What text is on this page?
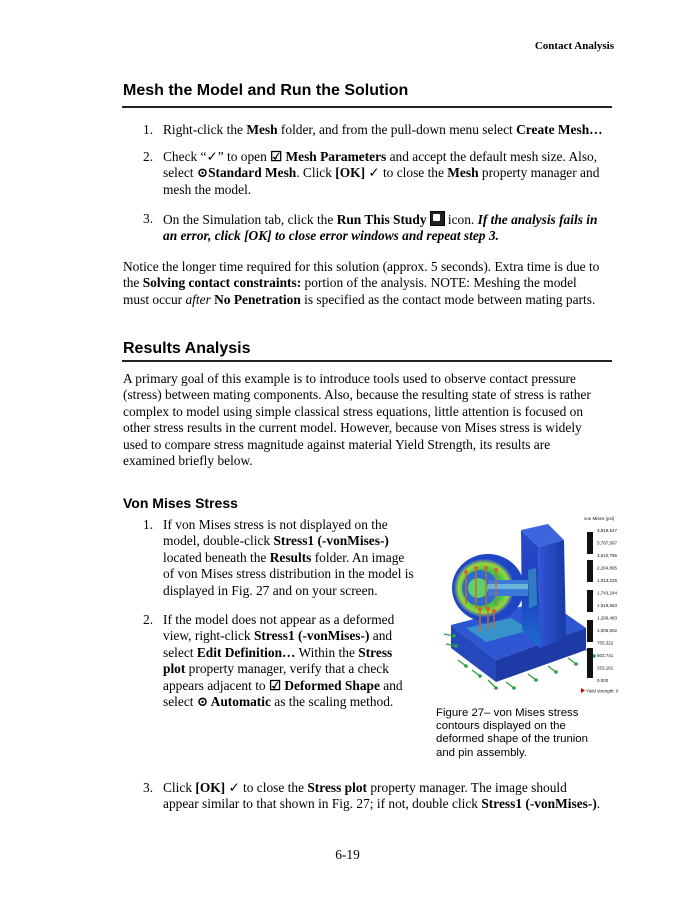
Contact Analysis
Mesh the Model and Run the Solution
1. Right-click the Mesh folder, and from the pull-down menu select Create Mesh…
2. Check “✓” to open ☑ Mesh Parameters and accept the default mesh size. Also,
select ⊙Standard Mesh. Click [OK] ✓ to close the Mesh property manager and
mesh the model.
3. On the Simulation tab, click the Run This Study
icon. If the analysis fails in
an error, click [OK] to close error windows and repeat step 3.
Notice the longer time required for this solution (approx. 5 seconds). Extra time is due to
the Solving contact constraints: portion of the analysis. NOTE: Meshing the model
must occur after No Penetration is specified as the contact mode between mating parts.
Results Analysis
A primary goal of this example is to introduce tools used to observe contact pressure
(stress) between mating components. Also, because the resulting state of stress is rather
complex to model using simple classical stress equations, little attention is focused on
other stress results in the current model. However, because von Mises stress is widely
used to compare stress magnitude against material Yield Strength, its results are
examined briefly below.
Von Mises Stress
1. If von Mises stress is not displayed on the
model, double-click Stress1 (-vonMises-)
located beneath the Results folder. An image
of von Mises stress distribution in the model is
displayed in Fig. 27 and on your screen.
2. If the model does not appear as a deformed
view, right-click Stress1 (-vonMises-) and
select Edit Definition… Within the Stress
plot property manager, verify that a check
appears adjacent to ☑ Deformed Shape and
select ⊙ Automatic as the scaling method.
3. Click [OK] ✓ to close the Stress plot property manager. The image should
appear similar to that shown in Fig. 27; if not, double click Stress1 (-vonMises-).
von Mises (psi)
3,819,547
3,787,567
3,510,786
2,264,805
1,913,225
1,743,244
1,519,663
1,266,483
1,006,502
755,322
503,741
253,161
0.000
Yield strength: 0
Figure 27– von Mises stress
contours displayed on the
deformed shape of the trunion
and pin assembly.
6-19
